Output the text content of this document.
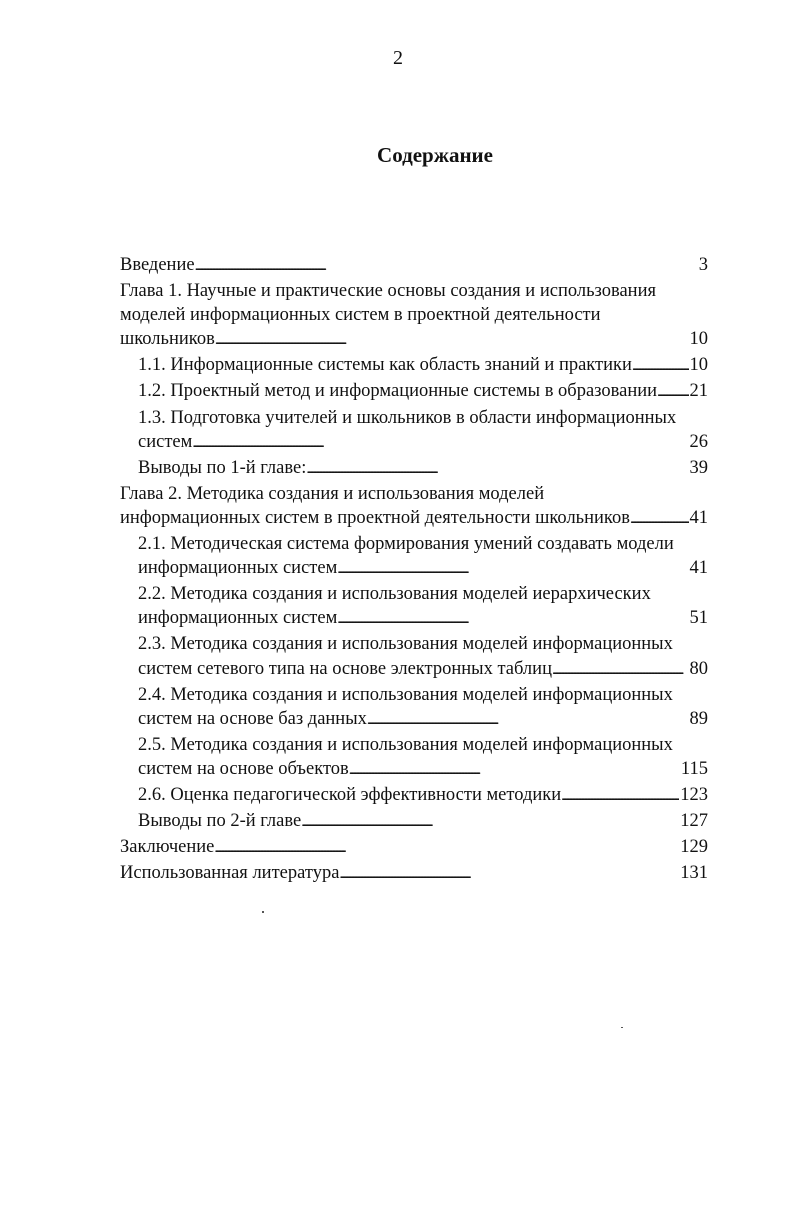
2
Содержание
Введение . . .	3
Глава 1. Научные и практические основы создания и использования
моделей информационных систем в проектной деятельности
школьников . . .	10
1.1. Информационные системы как область знаний и практики . . .	10
1.2. Проектный метод и информационные системы в образовании . . . 21
1.3. Подготовка учителей и школьников в области информационных
систем . . .	26
Выводы по 1-й главе: . . .	39
Глава 2. Методика создания и использования моделей
информационных систем в проектной деятельности школьников . . .	41
2.1. Методическая система формирования умений создавать модели
информационных систем . . .	41
2.2. Методика создания и использования моделей иерархических
информационных систем . . .	51
2.3. Методика создания и использования моделей информационных
систем сетевого типа на основе электронных таблиц . . .	80
2.4. Методика создания и использования моделей информационных
систем на основе баз данных . . .	89
2.5. Методика создания и использования моделей информационных
систем на основе объектов . . .	115
2.6. Оценка педагогической эффективности методики . . .	123
Выводы по 2-й главе . . .	127
Заключение . . .	129
Использованная литература . . .	131
